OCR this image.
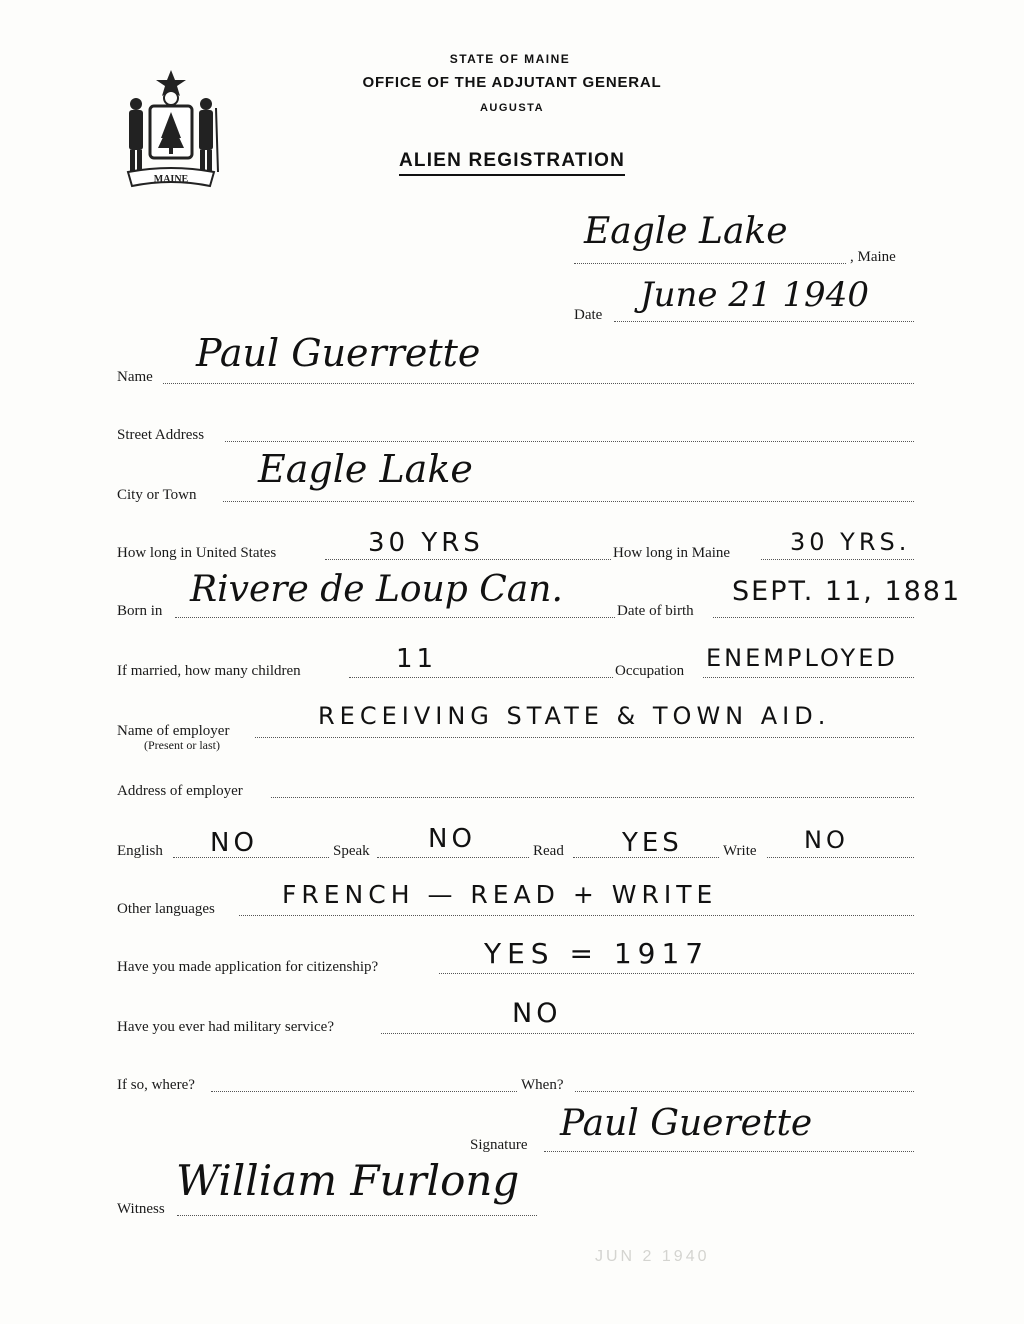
MAINE
STATE OF MAINE
OFFICE OF THE ADJUTANT GENERAL
AUGUSTA
ALIEN REGISTRATION
, Maine
Eagle Lake
Date June 21 1940
Name
Paul Guerrette
Street Address
City or Town
Eagle Lake
How long in United States	How long in Maine
30 YRS	30 YRS.
Born in	Date of birth
Rivere de Loup Can.	SEPT. 11, 1881
If married, how many children	Occupation
11	ENEMPLOYED
Name of employer
(Present or last)
RECEIVING STATE & TOWN AID.
Address of employer
English	Speak	Read	Write
NO	NO	YES	NO
Other languages	FRENCH — READ + WRITE
Have you made application for citizenship?	YES = 1917
Have you ever had military service?	NO
If so, where?	When?
Signature
Paul Guerette
Witness
William Furlong
JUN 2 1940
